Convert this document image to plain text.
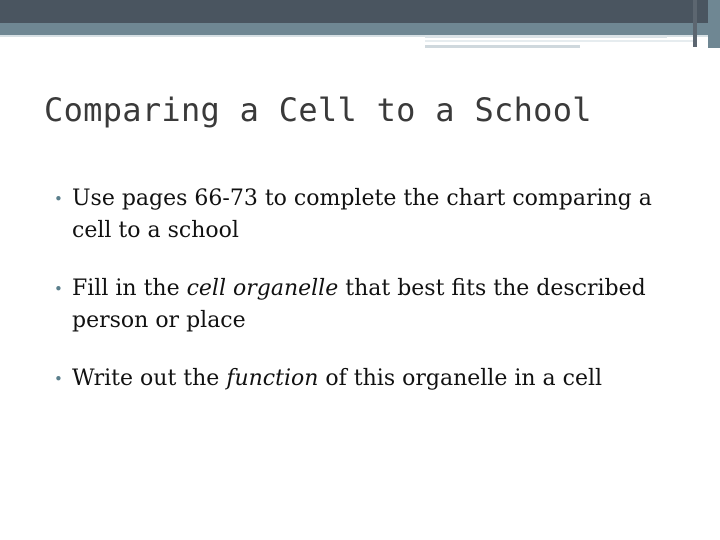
Comparing a Cell to a School
• Use pages 66-73 to complete the chart comparing a cell to a school
• Fill in the cell organelle that best fits the described person or place
• Write out the function of this organelle in a cell
